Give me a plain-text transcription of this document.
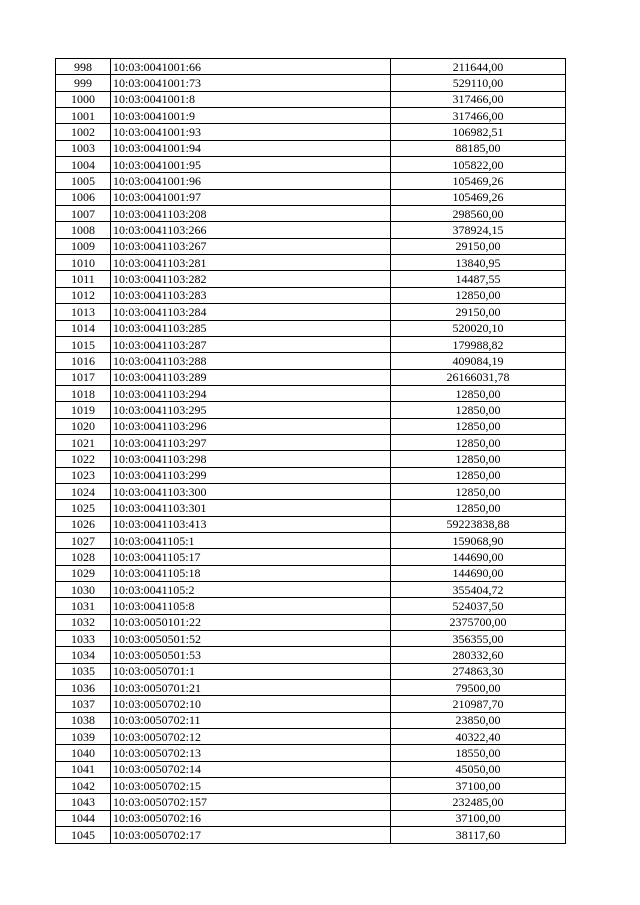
998	10:03:0041001:66	211644,00
999	10:03:0041001:73	529110,00
1000	10:03:0041001:8	317466,00
1001	10:03:0041001:9	317466,00
1002	10:03:0041001:93	106982,51
1003	10:03:0041001:94	88185,00
1004	10:03:0041001:95	105822,00
1005	10:03:0041001:96	105469,26
1006	10:03:0041001:97	105469,26
1007	10:03:0041103:208	298560,00
1008	10:03:0041103:266	378924,15
1009	10:03:0041103:267	29150,00
1010	10:03:0041103:281	13840,95
1011	10:03:0041103:282	14487,55
1012	10:03:0041103:283	12850,00
1013	10:03:0041103:284	29150,00
1014	10:03:0041103:285	520020,10
1015	10:03:0041103:287	179988,82
1016	10:03:0041103:288	409084,19
1017	10:03:0041103:289	26166031,78
1018	10:03:0041103:294	12850,00
1019	10:03:0041103:295	12850,00
1020	10:03:0041103:296	12850,00
1021	10:03:0041103:297	12850,00
1022	10:03:0041103:298	12850,00
1023	10:03:0041103:299	12850,00
1024	10:03:0041103:300	12850,00
1025	10:03:0041103:301	12850,00
1026	10:03:0041103:413	59223838,88
1027	10:03:0041105:1	159068,90
1028	10:03:0041105:17	144690,00
1029	10:03:0041105:18	144690,00
1030	10:03:0041105:2	355404,72
1031	10:03:0041105:8	524037,50
1032	10:03:0050101:22	2375700,00
1033	10:03:0050501:52	356355,00
1034	10:03:0050501:53	280332,60
1035	10:03:0050701:1	274863,30
1036	10:03:0050701:21	79500,00
1037	10:03:0050702:10	210987,70
1038	10:03:0050702:11	23850,00
1039	10:03:0050702:12	40322,40
1040	10:03:0050702:13	18550,00
1041	10:03:0050702:14	45050,00
1042	10:03:0050702:15	37100,00
1043	10:03:0050702:157	232485,00
1044	10:03:0050702:16	37100,00
1045	10:03:0050702:17	38117,60
